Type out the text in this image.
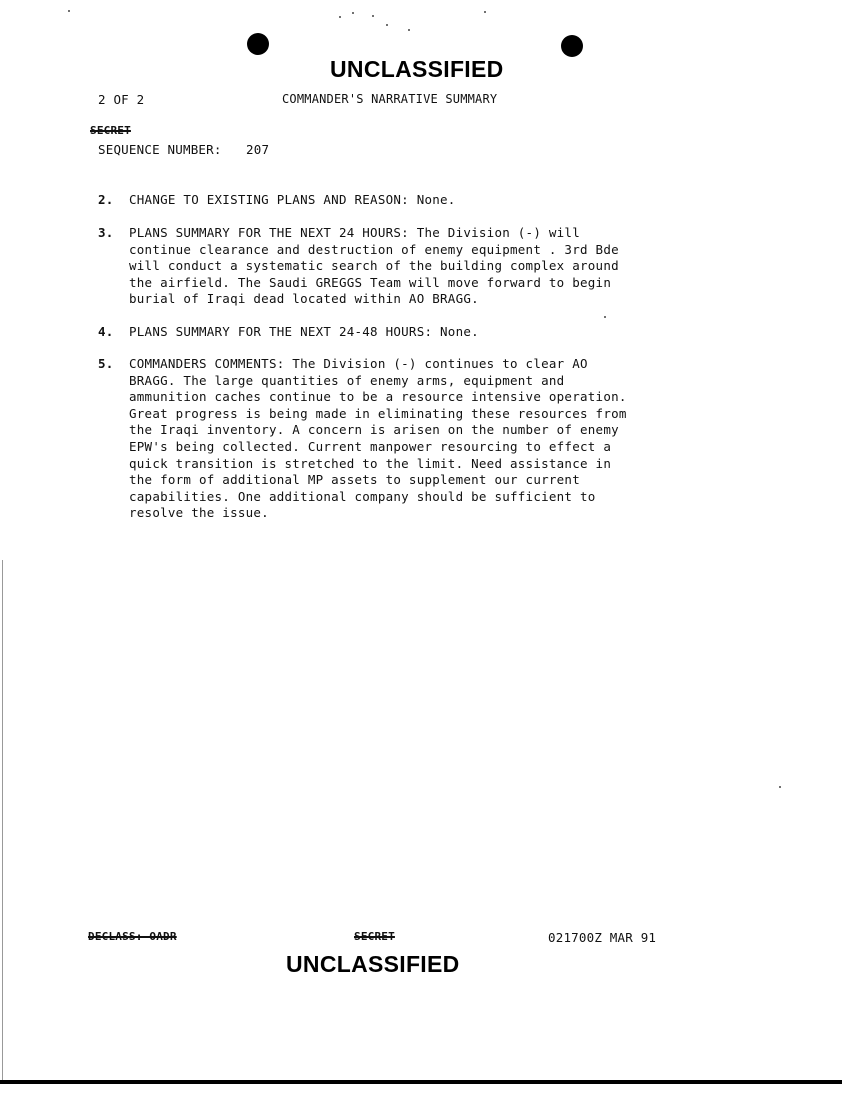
UNCLASSIFIED
2 OF 2	COMMANDER'S NARRATIVE SUMMARY
SECRET
SEQUENCE NUMBER: 207
2. CHANGE TO EXISTING PLANS AND REASON: None.
3. PLANS SUMMARY FOR THE NEXT 24 HOURS: The Division (-) will
continue clearance and destruction of enemy equipment . 3rd Bde
will conduct a systematic search of the building complex around
the airfield. The Saudi GREGGS Team will move forward to begin
burial of Iraqi dead located within AO BRAGG.
4. PLANS SUMMARY FOR THE NEXT 24-48 HOURS: None.
5. COMMANDERS COMMENTS: The Division (-) continues to clear AO
BRAGG. The large quantities of enemy arms, equipment and
ammunition caches continue to be a resource intensive operation.
Great progress is being made in eliminating these resources from
the Iraqi inventory. A concern is arisen on the number of enemy
EPW's being collected. Current manpower resourcing to effect a
quick transition is stretched to the limit. Need assistance in
the form of additional MP assets to supplement our current
capabilities. One additional company should be sufficient to
resolve the issue.
DECLASS: OADR	SECRET	021700Z MAR 91
UNCLASSIFIED
